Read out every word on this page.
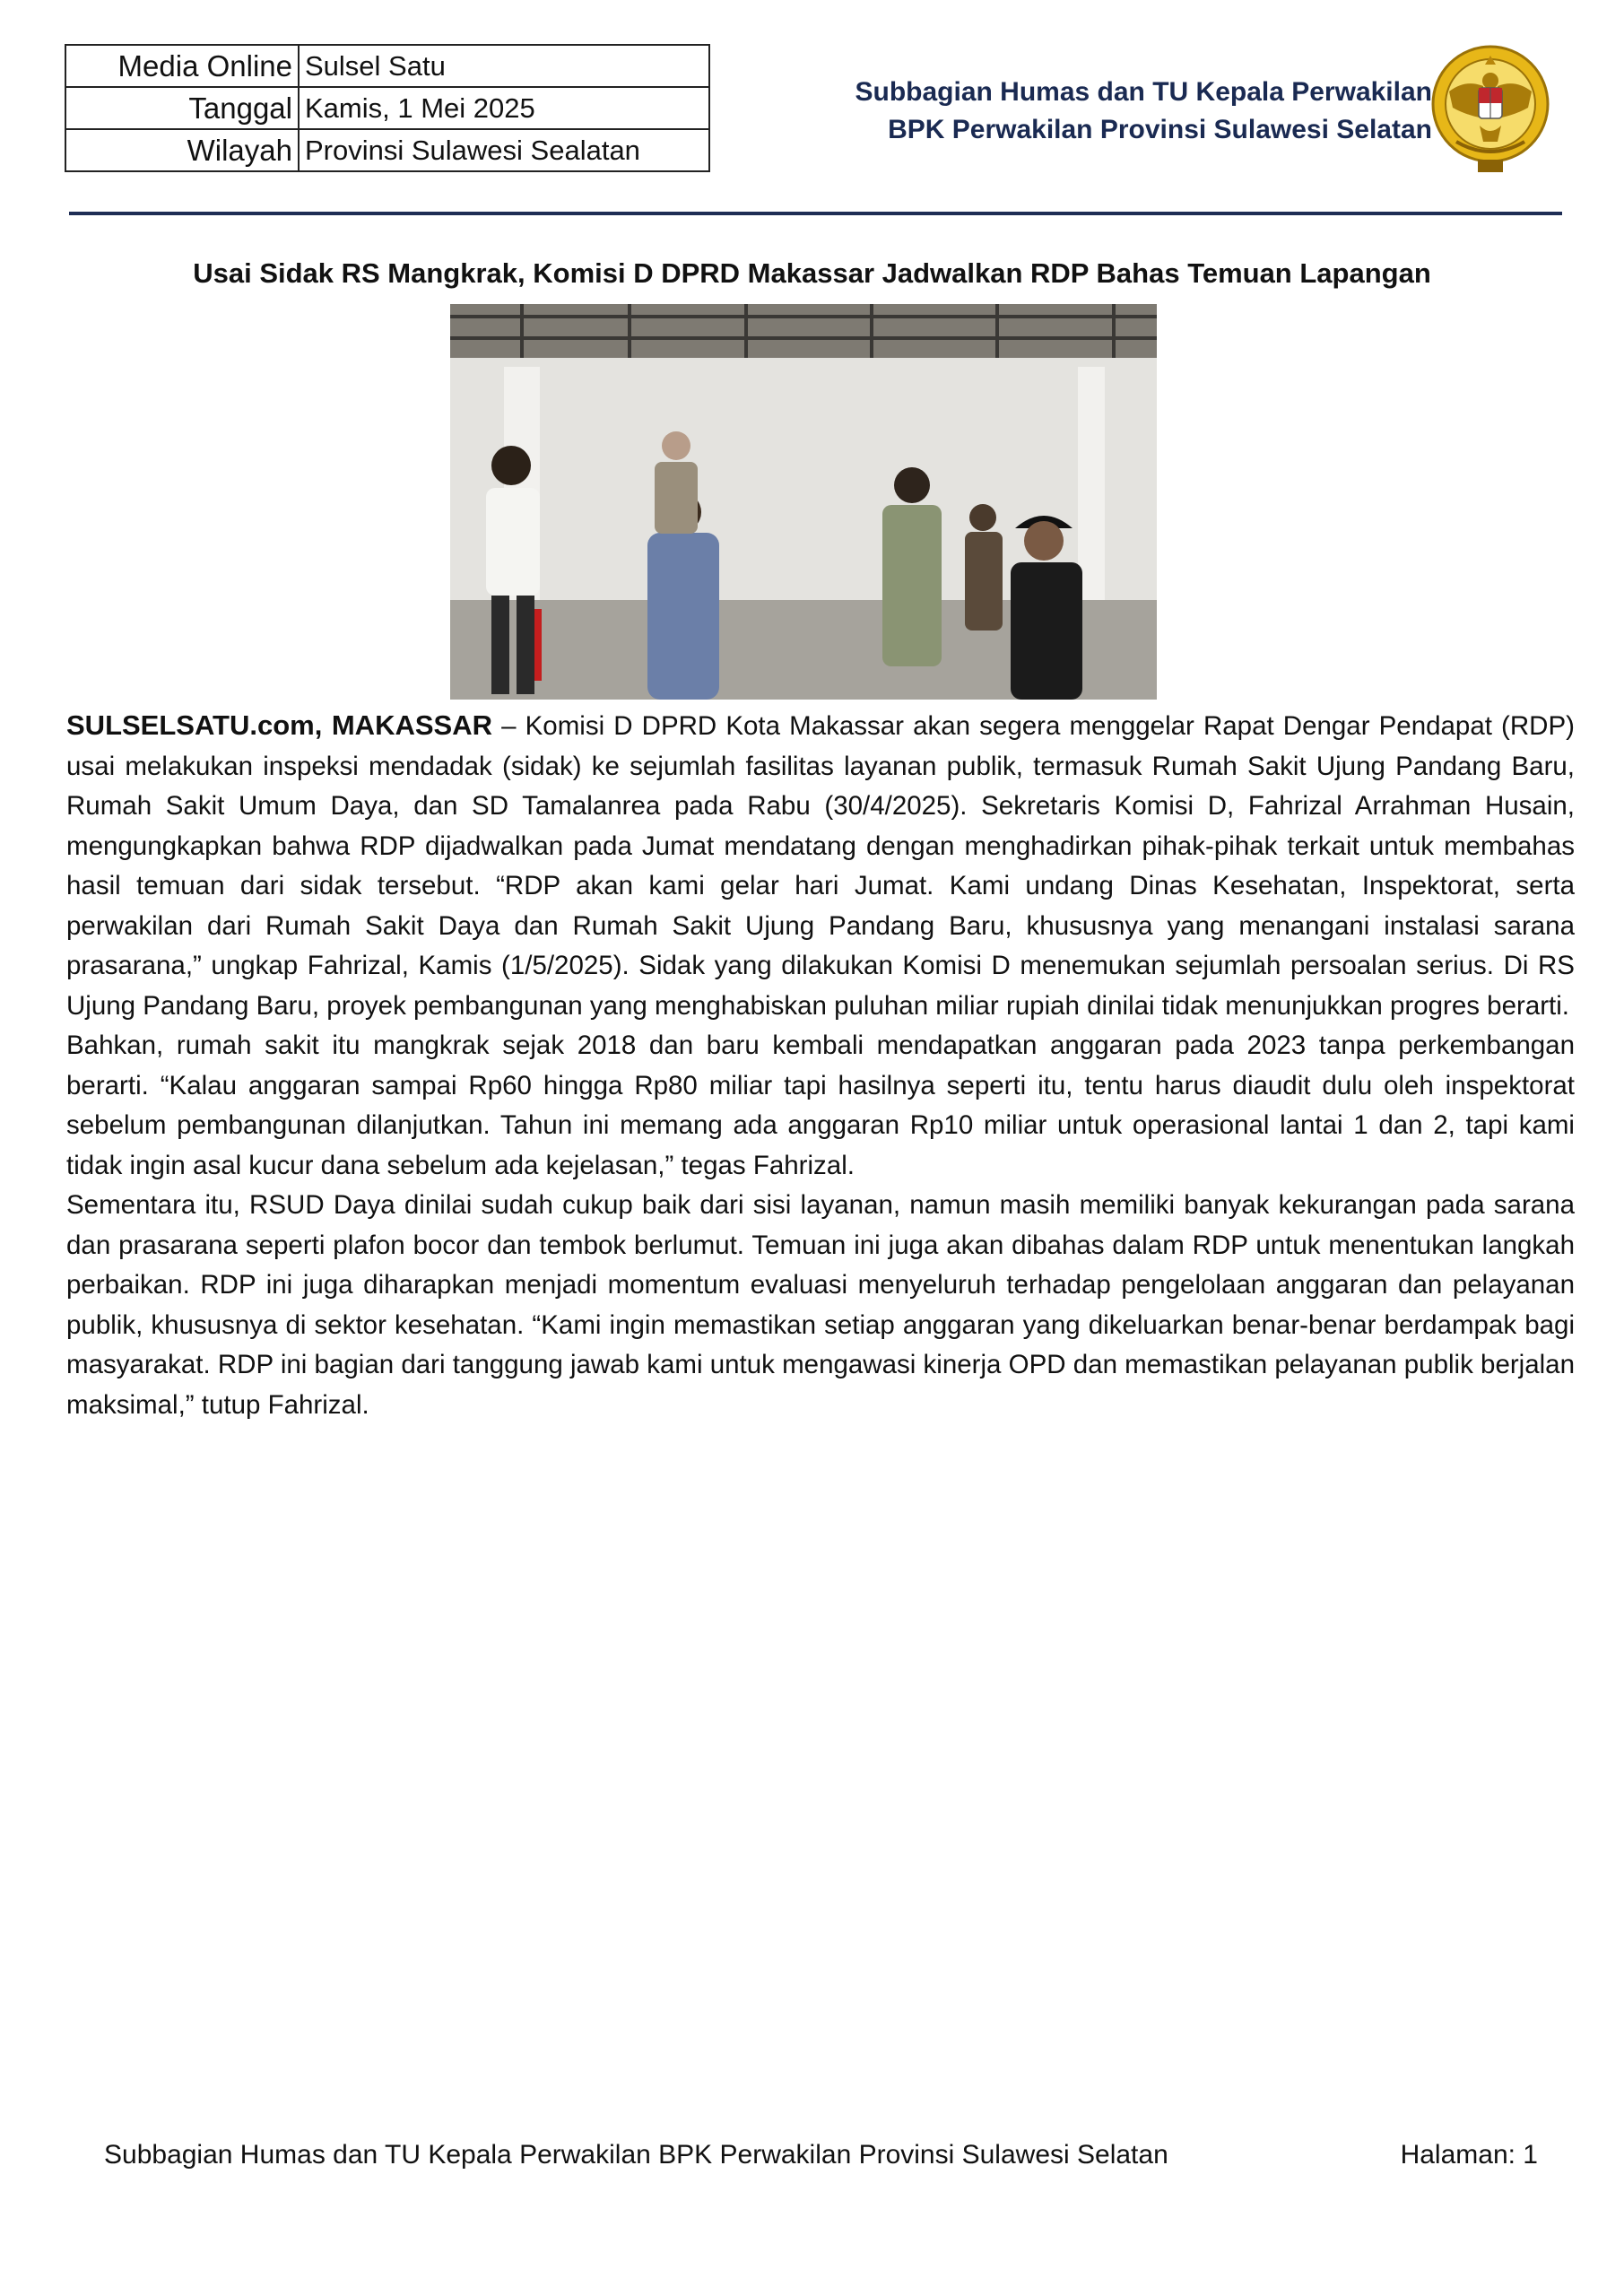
Media Online	Sulsel Satu
Tanggal	Kamis, 1 Mei 2025
Wilayah	Provinsi Sulawesi Sealatan
Subbagian Humas dan TU Kepala Perwakilan
BPK Perwakilan Provinsi Sulawesi Selatan
Usai Sidak RS Mangkrak, Komisi D DPRD Makassar Jadwalkan RDP Bahas Temuan Lapangan

SULSELSATU.com, MAKASSAR – Komisi D DPRD Kota Makassar akan segera menggelar Rapat Dengar Pendapat (RDP) usai melakukan inspeksi mendadak (sidak) ke sejumlah fasilitas layanan publik, termasuk Rumah Sakit Ujung Pandang Baru, Rumah Sakit Umum Daya, dan SD Tamalanrea pada Rabu (30/4/2025). Sekretaris Komisi D, Fahrizal Arrahman Husain, mengungkapkan bahwa RDP dijadwalkan pada Jumat mendatang dengan menghadirkan pihak-pihak terkait untuk membahas hasil temuan dari sidak tersebut. “RDP akan kami gelar hari Jumat. Kami undang Dinas Kesehatan, Inspektorat, serta perwakilan dari Rumah Sakit Daya dan Rumah Sakit Ujung Pandang Baru, khususnya yang menangani instalasi sarana prasarana,” ungkap Fahrizal, Kamis (1/5/2025). Sidak yang dilakukan Komisi D menemukan sejumlah persoalan serius. Di RS Ujung Pandang Baru, proyek pembangunan yang menghabiskan puluhan miliar rupiah dinilai tidak menunjukkan progres berarti.

Bahkan, rumah sakit itu mangkrak sejak 2018 dan baru kembali mendapatkan anggaran pada 2023 tanpa perkembangan berarti. “Kalau anggaran sampai Rp60 hingga Rp80 miliar tapi hasilnya seperti itu, tentu harus diaudit dulu oleh inspektorat sebelum pembangunan dilanjutkan. Tahun ini memang ada anggaran Rp10 miliar untuk operasional lantai 1 dan 2, tapi kami tidak ingin asal kucur dana sebelum ada kejelasan,” tegas Fahrizal.

Sementara itu, RSUD Daya dinilai sudah cukup baik dari sisi layanan, namun masih memiliki banyak kekurangan pada sarana dan prasarana seperti plafon bocor dan tembok berlumut. Temuan ini juga akan dibahas dalam RDP untuk menentukan langkah perbaikan. RDP ini juga diharapkan menjadi momentum evaluasi menyeluruh terhadap pengelolaan anggaran dan pelayanan publik, khususnya di sektor kesehatan. “Kami ingin memastikan setiap anggaran yang dikeluarkan benar-benar berdampak bagi masyarakat. RDP ini bagian dari tanggung jawab kami untuk mengawasi kinerja OPD dan memastikan pelayanan publik berjalan maksimal,” tutup Fahrizal.

Subbagian Humas dan TU Kepala Perwakilan BPK Perwakilan Provinsi Sulawesi Selatan	Halaman: 1
